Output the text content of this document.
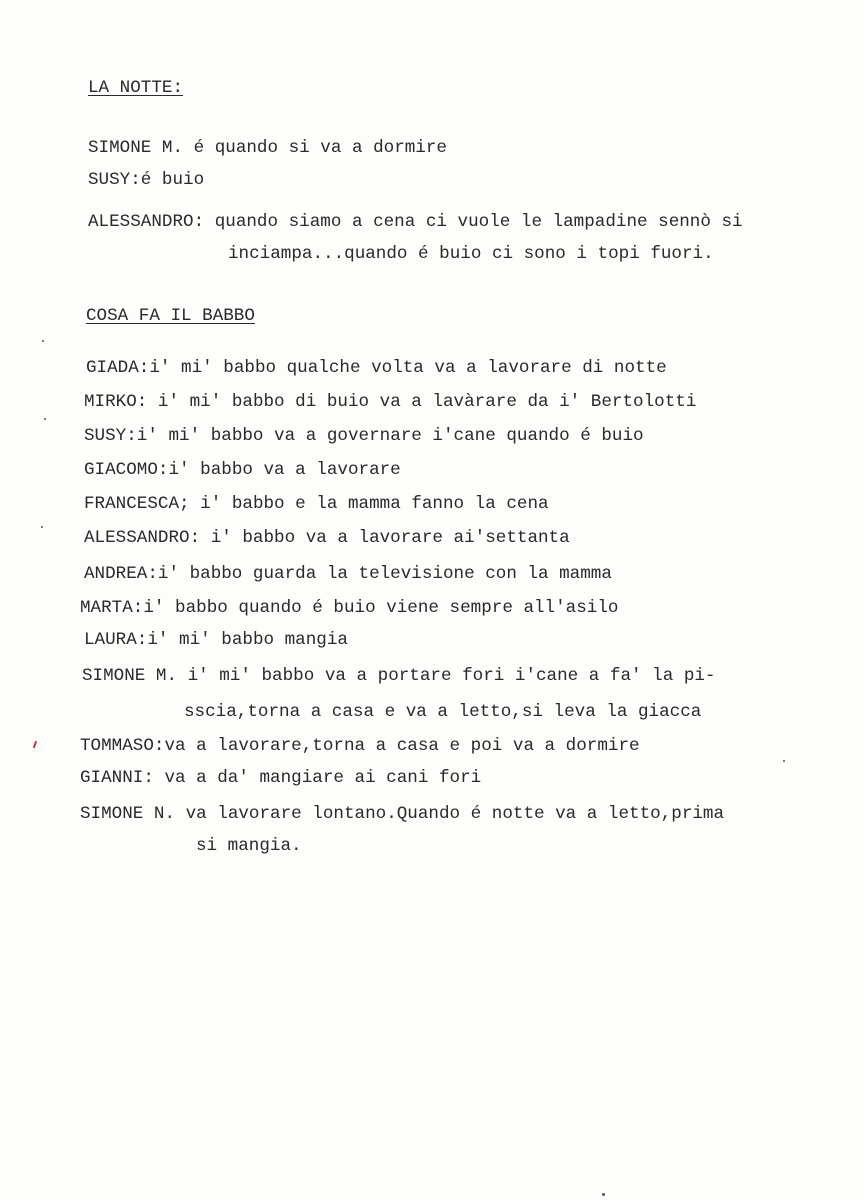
LA NOTTE:
SIMONE M. é quando si va a dormire
SUSY:é buio
ALESSANDRO: quando siamo a cena ci vuole le lampadine sennò si
inciampa...quando é buio ci sono i topi fuori.
COSA FA IL BABBO
GIADA:i' mi' babbo qualche volta va a lavorare di notte
MIRKO: i' mi' babbo di buio va a lavàrare da i' Bertolotti
SUSY:i' mi' babbo va a governare i'cane quando é buio
GIACOMO:i' babbo va a lavorare
FRANCESCA; i' babbo e la mamma fanno la cena
ALESSANDRO: i' babbo va a lavorare ai'settanta
ANDREA:i' babbo guarda la televisione con la mamma
MARTA:i' babbo quando é buio viene sempre all'asilo
LAURA:i' mi' babbo mangia
SIMONE M. i' mi' babbo va a portare fori i'cane a fa' la pi-
sscia,torna a casa e va a letto,si leva la giacca
TOMMASO:va a lavorare,torna a casa e poi va a dormire
GIANNI: va a da' mangiare ai cani fori
SIMONE N. va lavorare lontano.Quando é notte va a letto,prima
si mangia.
